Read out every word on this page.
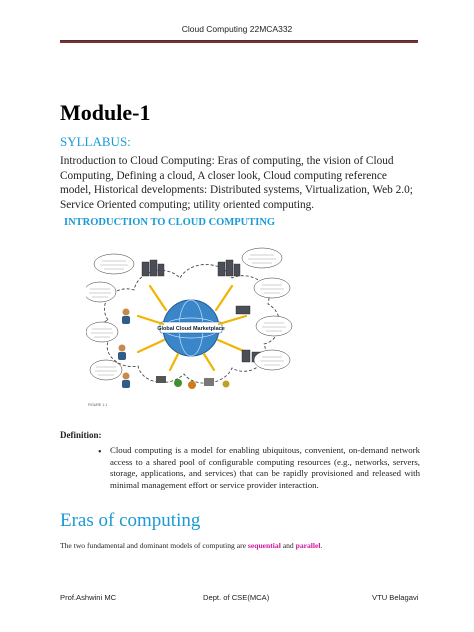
Cloud Computing 22MCA332
Module-1
SYLLABUS:
Introduction to Cloud Computing: Eras of computing, the vision of Cloud Computing, Defining a cloud, A closer look, Cloud computing reference model, Historical developments: Distributed systems, Virtualization, Web 2.0; Service Oriented computing; utility oriented computing.
INTRODUCTION TO CLOUD COMPUTING
Global Cloud Marketplace
FIGURE 1.1
Definition:
• Cloud computing is a model for enabling ubiquitous, convenient, on-demand network access to a shared pool of configurable computing resources (e.g., networks, servers, storage, applications, and services) that can be rapidly provisioned and released with minimal management effort or service provider interaction.
Eras of computing
The two fundamental and dominant models of computing are sequential and parallel.
Prof.Ashwini MC	Dept. of CSE(MCA)	VTU Belagavi
